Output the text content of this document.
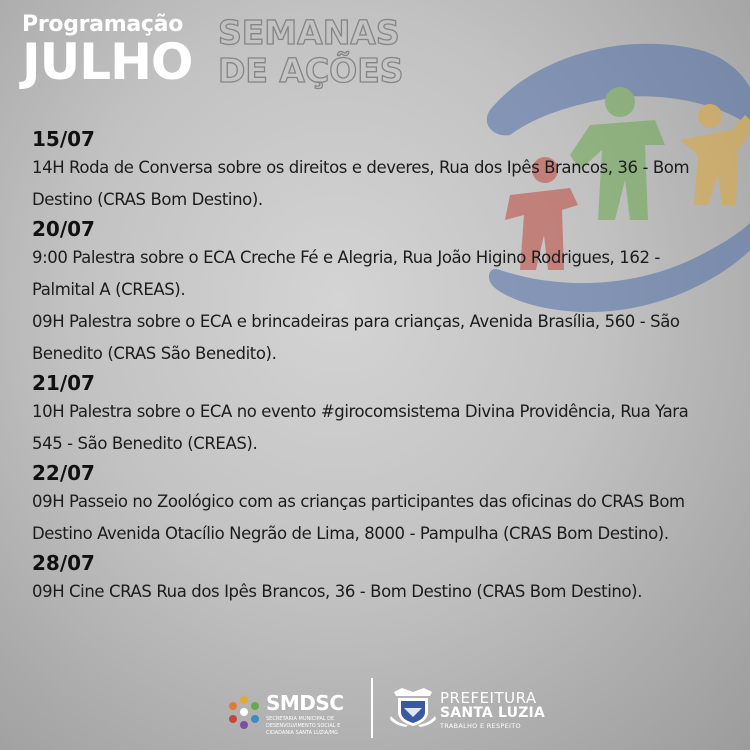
Programação
JULHO
SEMANAS
DE AÇÕES
15/07
14H Roda de Conversa sobre os direitos e deveres, Rua dos Ipês Brancos, 36 - Bom
Destino (CRAS Bom Destino).
20/07
9:00 Palestra sobre o ECA Creche Fé e Alegria, Rua João Higino Rodrigues, 162 -
Palmital A (CREAS).
09H Palestra sobre o ECA e brincadeiras para crianças, Avenida Brasília, 560 - São
Benedito (CRAS São Benedito).
21/07
10H Palestra sobre o ECA no evento #girocomsistema Divina Providência, Rua Yara
545 - São Benedito (CREAS).
22/07
09H Passeio no Zoológico com as crianças participantes das oficinas do CRAS Bom
Destino Avenida Otacílio Negrão de Lima, 8000 - Pampulha (CRAS Bom Destino).
28/07
09H Cine CRAS Rua dos Ipês Brancos, 36 - Bom Destino (CRAS Bom Destino).
SMDSC
SECRETARIA MUNICIPAL DE DESENVOLVIMENTO SOCIAL E CIDADANIA SANTA LUZIA/MG
PREFEITURA
SANTA LUZIA
TRABALHO E RESPEITO
